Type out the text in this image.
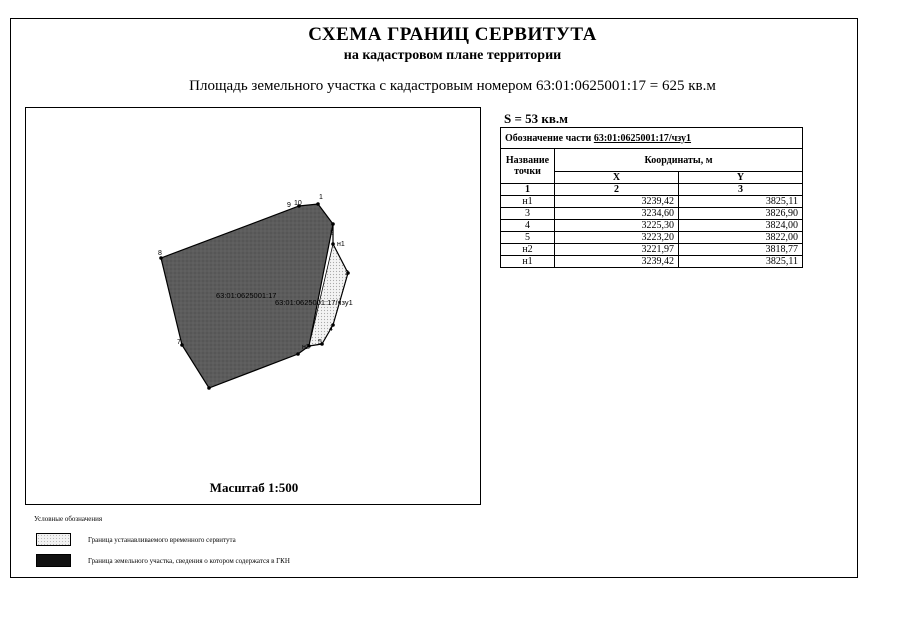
СХЕМА ГРАНИЦ СЕРВИТУТА
на кадастровом плане территории
Площадь земельного участка с кадастровым номером 63:01:0625001:17 = 625 кв.м
1
2
н1
3
4
5
н2
7
8
9 10
63:01:0625001:17
63:01:0625001:17/чзу1
Масштаб 1:500
S = 53 кв.м
Обозначение части 63:01:0625001:17/чзу1		
Название точки	Координаты, м	
	X	Y
1	2	3
н1	3239,42	3825,11
3	3234,60	3826,90
4	3225,30	3824,00
5	3223,20	3822,00
н2	3221,97	3818,77
н1	3239,42	3825,11
Условные обозначения
Граница устанавливаемого временного сервитута
Граница земельного участка, сведения о котором содержатся в ГКН
